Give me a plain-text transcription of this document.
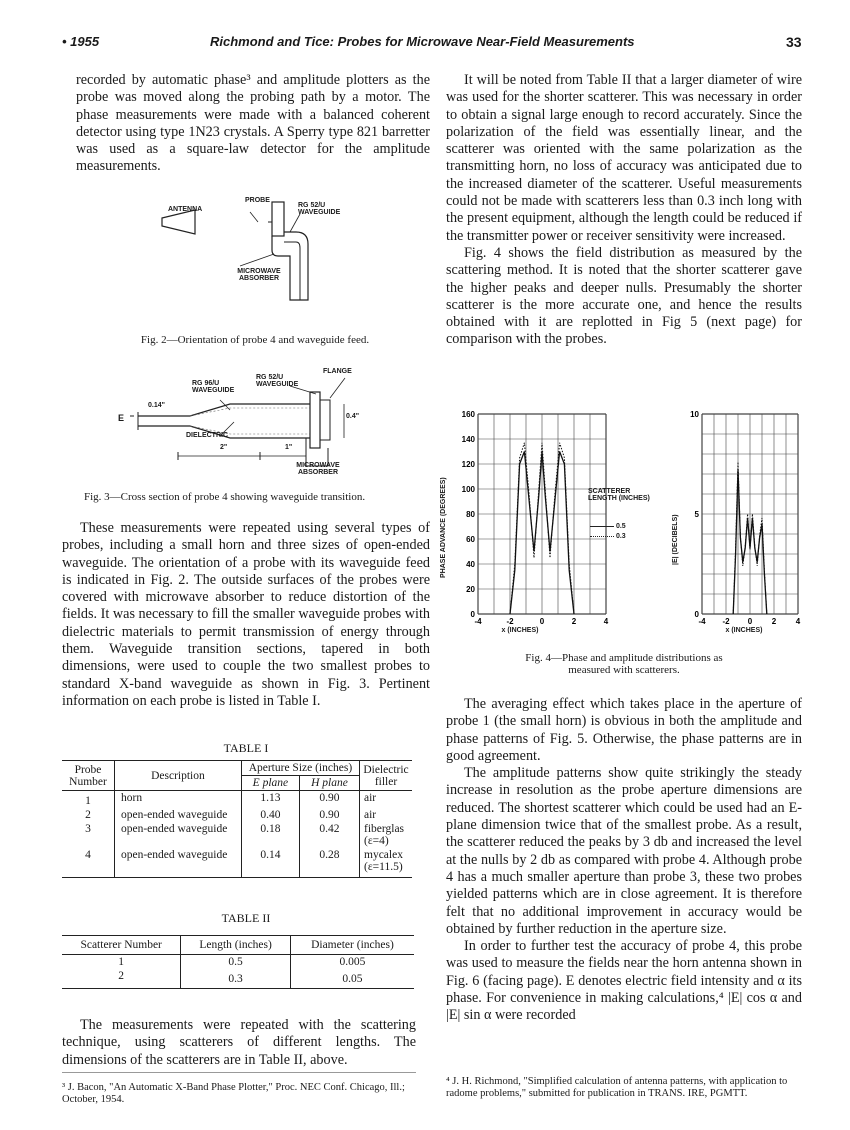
• 1955	Richmond and Tice: Probes for Microwave Near-Field Measurements	33

recorded by automatic phase³ and amplitude plotters as the probe was moved along the probing path by a motor. The phase measurements were made with a balanced coherent detector using type 1N23 crystals. A Sperry type 821 barretter was used as a square-law detector for the amplitude measurements.

ANTENNA
PROBE
RG 52/U WAVEGUIDE
MICROWAVE ABSORBER
Fig. 2—Orientation of probe 4 and waveguide feed.
FLANGE
RG 52/U WAVEGUIDE
RG 96/U WAVEGUIDE
0.14"
0.4"
E
DIELECTRIC
2"	1"
MICROWAVE ABSORBER
Fig. 3—Cross section of probe 4 showing waveguide transition.

These measurements were repeated using several types of probes, including a small horn and three sizes of open-ended waveguide. The orientation of a probe with its waveguide feed is indicated in Fig. 2. The outside surfaces of the probes were covered with microwave absorber to reduce distortion of the fields. It was necessary to fill the smaller waveguide probes with dielectric materials to permit transmission of energy through them. Waveguide transition sections, tapered in both dimensions, were used to couple the two smallest probes to standard X-band waveguide as shown in Fig. 3. Pertinent information on each probe is listed in Table I.

TABLE I
Probe Number	Description	Aperture Size (inches)		Dielectric filler
		E plane	H plane	
1	horn	1.13	0.90	air
2	open-ended waveguide	0.40	0.90	air
3	open-ended waveguide	0.18	0.42	fiberglas (ε=4)
4	open-ended waveguide	0.14	0.28	mycalex (ε=11.5)
TABLE II
Scatterer Number	Length (inches)	Diameter (inches)
1	0.5	0.005
2	0.3	0.05

The measurements were repeated with the scattering technique, using scatterers of different lengths. The dimensions of the scatterers are in Table II, above.

It will be noted from Table II that a larger diameter of wire was used for the shorter scatterer. This was necessary in order to obtain a signal large enough to record accurately. Since the polarization of the field was essentially linear, and the scatterer was oriented with the same polarization as the transmitting horn, no loss of accuracy was anticipated due to the increased diameter of the scatterer. Useful measurements could not be made with scatterers less than 0.3 inch long with the present equipment, although the length could be reduced if the transmitter power or receiver sensitivity were increased.

Fig. 4 shows the field distribution as measured by the scattering method. It is noted that the shorter scatterer gave the higher peaks and deeper nulls. Presumably the shorter scatterer is the more accurate one, and hence the results obtained with it are replotted in Fig 5 (next page) for comparison with the probes.

-4	-2	0	2	4
0
20
40
60
80
100
120
140
160
-4 -2 0 2 4
0
5
10
PHASE ADVANCE (DEGREES)	|E| (DECIBELS)
x (INCHES)	x (INCHES)
SCATTERER LENGTH (INCHES)
0.5
0.3
Fig. 4—Phase and amplitude distributions as
measured with scatterers.

The averaging effect which takes place in the aperture of probe 1 (the small horn) is obvious in both the amplitude and phase patterns of Fig. 5. Otherwise, the phase patterns are in good agreement.

The amplitude patterns show quite strikingly the steady increase in resolution as the probe aperture dimensions are reduced. The shortest scatterer which could be used had an E-plane dimension twice that of the smallest probe. As a result, the scatterer reduced the peaks by 3 db and increased the level at the nulls by 2 db as compared with probe 4. Although probe 4 has a much smaller aperture than probe 3, these two probes yielded patterns which are in close agreement. It is therefore felt that no additional improvement in accuracy would be obtained by further reduction in the aperture size.

In order to further test the accuracy of probe 4, this probe was used to measure the fields near the horn antenna shown in Fig. 6 (facing page). E denotes electric field intensity and α its phase. For convenience in making calculations,⁴ |E| cos α and |E| sin α were recorded

³ J. Bacon, "An Automatic X-Band Phase Plotter," Proc. NEC Conf. Chicago, Ill.; October, 1954.
⁴ J. H. Richmond, "Simplified calculation of antenna patterns, with application to radome problems," submitted for publication in TRANS. IRE, PGMTT.
